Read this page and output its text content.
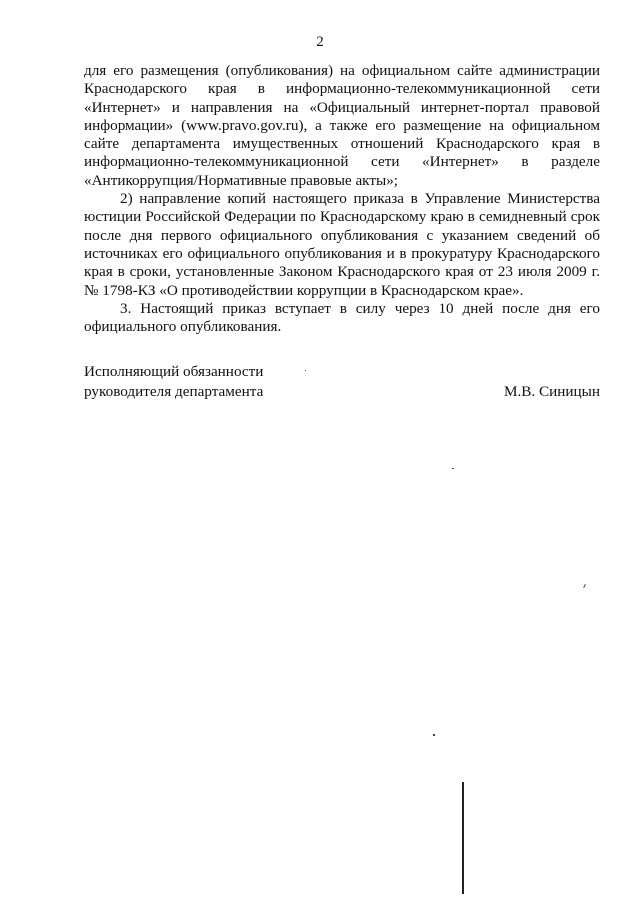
2

для его размещения (опубликования) на официальном сайте администрации Краснодарского края в информационно-телекоммуникационной сети «Интернет» и направления на «Официальный интернет-портал правовой информации» (www.pravo.gov.ru), а также его размещение на официальном сайте департамента имущественных отношений Краснодарского края в информационно-телекоммуникационной сети «Интернет» в разделе «Антикоррупция/Нормативные правовые акты»;

2) направление копий настоящего приказа в Управление Министерства юстиции Российской Федерации по Краснодарскому краю в семидневный срок после дня первого официального опубликования с указанием сведений об источниках его официального опубликования и в прокуратуру Краснодарского края в сроки, установленные Законом Краснодарского края от 23 июля 2009 г. № 1798-КЗ «О противодействии коррупции в Краснодарском крае».

3. Настоящий приказ вступает в силу через 10 дней после дня его официального опубликования.

Исполняющий обязанности
руководителя департамента	М.В. Синицын
